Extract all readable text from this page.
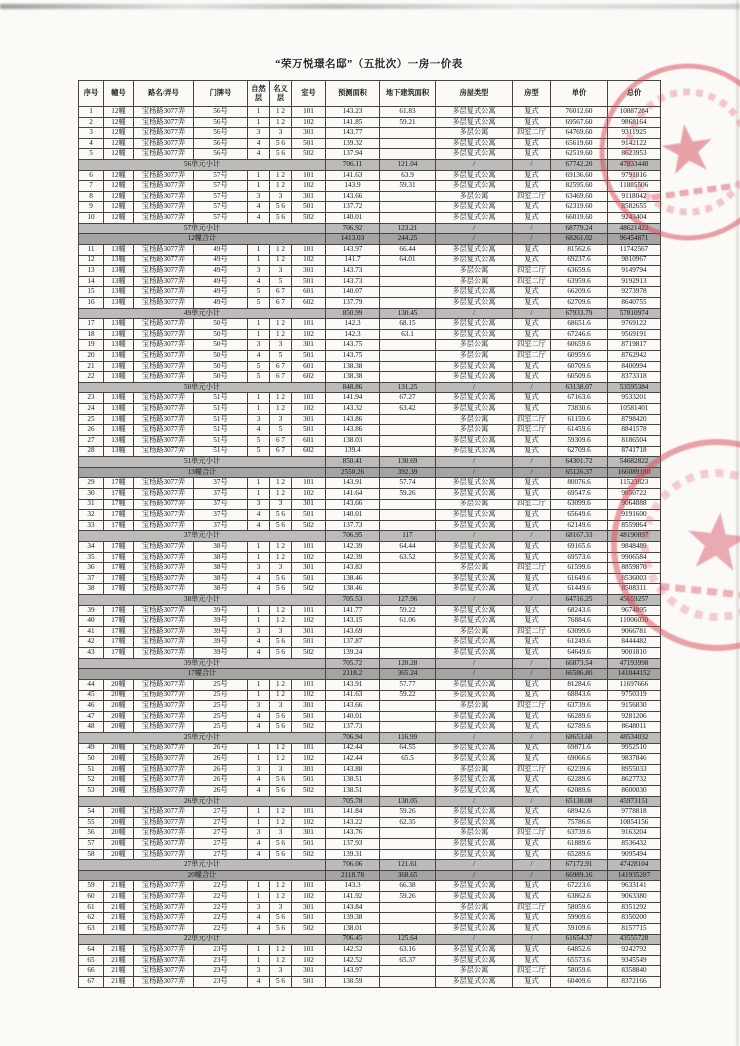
“荣万悦璟名邸”（五批次）一房一价表
序号	幢号	路名/弄号	门牌号	自然层	名义层	室号	预测面积	地下建筑面积	房屋类型	房型	单价	总价
1	12幢	宝杨路3077弄	56号	1	1 2	101	143.23	61.83	多层复式公寓	复式	76012.60	10887284
2	12幢	宝杨路3077弄	56号	1	1 2	102	141.85	59.21	多层复式公寓	复式	69567.60	9868164
3	12幢	宝杨路3077弄	56号	3	3	301	143.77		多层公寓	四室二厅	64769.60	9311925
4	12幢	宝杨路3077弄	56号	4	5 6	501	139.32		多层复式公寓	复式	65619.60	9142122
5	12幢	宝杨路3077弄	56号	4	5 6	502	137.94		多层复式公寓	复式	62519.60	8623953
56单元小计							706.11	121.04	/	/	67742.20	47833448
6	12幢	宝杨路3077弄	57号	1	1 2	101	141.63	63.9	多层复式公寓	复式	69136.60	9791816
7	12幢	宝杨路3077弄	57号	1	1 2	102	143.9	59.31	多层复式公寓	复式	82595.60	11885506
8	12幢	宝杨路3077弄	57号	3	3	301	143.66		多层公寓	四室二厅	63469.60	9118042
9	12幢	宝杨路3077弄	57号	4	5 6	501	137.72		多层复式公寓	复式	62319.60	8582655
10	12幢	宝杨路3077弄	57号	4	5 6	502	140.01		多层复式公寓	复式	66019.60	9243404
57单元小计							706.92	123.21	/	/	68779.24	48621423
12幢合计							1413.03	244.25	/	/	68261.02	96454871
11	13幢	宝杨路3077弄	49号	1	1 2	101	143.97	66.44	多层复式公寓	复式	81562.6	11742567
12	13幢	宝杨路3077弄	49号	1	1 2	102	141.7	64.01	多层复式公寓	复式	69237.6	9810967
13	13幢	宝杨路3077弄	49号	3	3	301	143.73		多层公寓	四室二厅	63659.6	9149794
14	13幢	宝杨路3077弄	49号	4	5	501	143.73		多层公寓	四室二厅	63959.6	9192913
15	13幢	宝杨路3077弄	49号	5	6 7	601	140.07		多层复式公寓	复式	66209.6	9273978
16	13幢	宝杨路3077弄	49号	5	6 7	602	137.79		多层复式公寓	复式	62709.6	8640755
49单元小计							850.99	130.45	/	/	67933.79	57810974
17	13幢	宝杨路3077弄	50号	1	1 2	101	142.3	68.15	多层复式公寓	复式	68651.6	9769122
18	13幢	宝杨路3077弄	50号	1	1 2	102	142.3	63.1	多层复式公寓	复式	67246.6	9569191
19	13幢	宝杨路3077弄	50号	3	3	301	143.75		多层公寓	四室二厅	60659.6	8719817
20	13幢	宝杨路3077弄	50号	4	5	501	143.75		多层公寓	四室二厅	60959.6	8762942
21	13幢	宝杨路3077弄	50号	5	6 7	601	138.38		多层复式公寓	复式	60709.6	8400994
22	13幢	宝杨路3077弄	50号	5	6 7	602	138.38		多层复式公寓	复式	60509.6	8373318
50单元小计							848.86	131.25	/	/	63138.07	53595384
23	13幢	宝杨路3077弄	51号	1	1 2	101	141.94	67.27	多层复式公寓	复式	67163.6	9533201
24	13幢	宝杨路3077弄	51号	1	1 2	102	143.32	63.42	多层复式公寓	复式	73830.6	10581401
25	13幢	宝杨路3077弄	51号	3	3	301	143.86		多层公寓	四室二厅	61159.6	8798420
26	13幢	宝杨路3077弄	51号	4	5	501	143.86		多层公寓	四室二厅	61459.6	8841578
27	13幢	宝杨路3077弄	51号	5	6 7	601	138.03		多层复式公寓	复式	59309.6	8186504
28	13幢	宝杨路3077弄	51号	5	6 7	602	139.4		多层复式公寓	复式	62709.6	8741718
51单元小计							850.41	130.69	/	/	64301.72	54682822
13幢合计							2550.26	392.39	/	/	65126.37	166089180
29	17幢	宝杨路3077弄	37号	1	1 2	101	143.91	57.74	多层复式公寓	复式	80076.6	11523823
30	17幢	宝杨路3077弄	37号	1	1 2	102	141.64	59.26	多层复式公寓	复式	69547.6	9850722
31	17幢	宝杨路3077弄	37号	3	3	301	143.66		多层公寓	四室二厅	63099.6	9064888
32	17幢	宝杨路3077弄	37号	4	5 6	501	140.01		多层复式公寓	复式	65649.6	9191600
33	17幢	宝杨路3077弄	37号	4	5 6	502	137.73		多层复式公寓	复式	62149.6	8559864
37单元小计							706.95	117	/	/	68167.33	48190897
34	17幢	宝杨路3077弄	38号	1	1 2	101	142.39	64.44	多层复式公寓	复式	69165.6	9848489
35	17幢	宝杨路3077弄	38号	1	1 2	102	142.39	63.52	多层复式公寓	复式	69573.6	9906584
36	17幢	宝杨路3077弄	38号	3	3	301	143.83		多层公寓	四室二厅	61599.6	8859870
37	17幢	宝杨路3077弄	38号	4	5 6	501	138.46		多层复式公寓	复式	61649.6	8536003
38	17幢	宝杨路3077弄	38号	4	5 6	502	138.46		多层复式公寓	复式	61449.6	8508311
38单元小计							705.53	127.96	/	/	64716.25	45659257
39	17幢	宝杨路3077弄	39号	1	1 2	101	141.77	59.22	多层复式公寓	复式	68243.6	9674895
40	17幢	宝杨路3077弄	39号	1	1 2	102	143.15	61.06	多层复式公寓	复式	76884.6	11006030
41	17幢	宝杨路3077弄	39号	3	3	301	143.69		多层公寓	四室二厅	63099.6	9066781
42	17幢	宝杨路3077弄	39号	4	5 6	501	137.87		多层复式公寓	复式	61249.6	8444482
43	17幢	宝杨路3077弄	39号	4	5 6	502	139.24		多层复式公寓	复式	64649.6	9001810
39单元小计							705.72	120.28	/	/	66873.54	47193998
17幢合计							2118.2	365.24	/	/	66586.80	141044152
44	20幢	宝杨路3077弄	25号	1	1 2	101	143.91	57.77	多层复式公寓	复式	81284.6	11697666
45	20幢	宝杨路3077弄	25号	1	1 2	102	141.63	59.22	多层复式公寓	复式	68843.6	9750319
46	20幢	宝杨路3077弄	25号	3	3	301	143.66		多层公寓	四室二厅	63739.6	9156830
47	20幢	宝杨路3077弄	25号	4	5 6	501	140.01		多层复式公寓	复式	66289.6	9281206
48	20幢	宝杨路3077弄	25号	4	5 6	502	137.73		多层复式公寓	复式	62789.6	8648011
25单元小计							706.94	116.99	/	/	68653.68	48534032
49	20幢	宝杨路3077弄	26号	1	1 2	101	142.44	64.55	多层复式公寓	复式	69871.6	9952510
50	20幢	宝杨路3077弄	26号	1	1 2	102	142.44	65.5	多层复式公寓	复式	69066.6	9837846
51	20幢	宝杨路3077弄	26号	3	3	301	143.88		多层公寓	四室二厅	62239.6	8955033
52	20幢	宝杨路3077弄	26号	4	5 6	501	138.51		多层复式公寓	复式	62289.6	8627732
53	20幢	宝杨路3077弄	26号	4	5 6	502	138.51		多层复式公寓	复式	62089.6	8600030
26单元小计							705.78	130.05	/	/	65138.08	45973151
54	20幢	宝杨路3077弄	27号	1	1 2	101	141.84	59.26	多层复式公寓	复式	68942.6	9778818
55	20幢	宝杨路3077弄	27号	1	1 2	102	143.22	62.35	多层复式公寓	复式	75786.6	10854156
56	20幢	宝杨路3077弄	27号	3	3	301	143.76		多层公寓	四室二厅	63739.6	9163204
57	20幢	宝杨路3077弄	27号	4	5 6	501	137.93		多层复式公寓	复式	61889.6	8536432
58	20幢	宝杨路3077弄	27号	4	5 6	502	139.31		多层复式公寓	复式	65289.6	9095494
27单元小计							706.06	121.61	/	/	67172.91	47428104
20幢合计							2118.78	368.65	/	/	66989.16	141935287
59	21幢	宝杨路3077弄	22号	1	1 2	101	143.3	66.38	多层复式公寓	复式	67223.6	9633141
60	21幢	宝杨路3077弄	22号	1	1 2	102	141.92	59.26	多层复式公寓	复式	63862.6	9063380
61	21幢	宝杨路3077弄	22号	3	3	301	143.84		多层公寓	四室二厅	58059.6	8351292
62	21幢	宝杨路3077弄	22号	4	5 6	501	139.38		多层复式公寓	复式	59909.6	8350200
63	21幢	宝杨路3077弄	22号	4	5 6	502	138.01		多层复式公寓	复式	59109.6	8157715
22单元小计							706.45	125.64	/	/	61654.37	43555728
64	21幢	宝杨路3077弄	23号	1	1 2	101	142.52	63.16	多层复式公寓	复式	64852.6	9242792
65	21幢	宝杨路3077弄	23号	1	1 2	102	142.52	65.37	多层复式公寓	复式	65573.6	9345549
66	21幢	宝杨路3077弄	23号	3	3	301	143.97		多层公寓	四室二厅	58059.6	8358840
67	21幢	宝杨路3077弄	23号	4	5 6	501	138.59		多层复式公寓	复式	60409.6	8372166
